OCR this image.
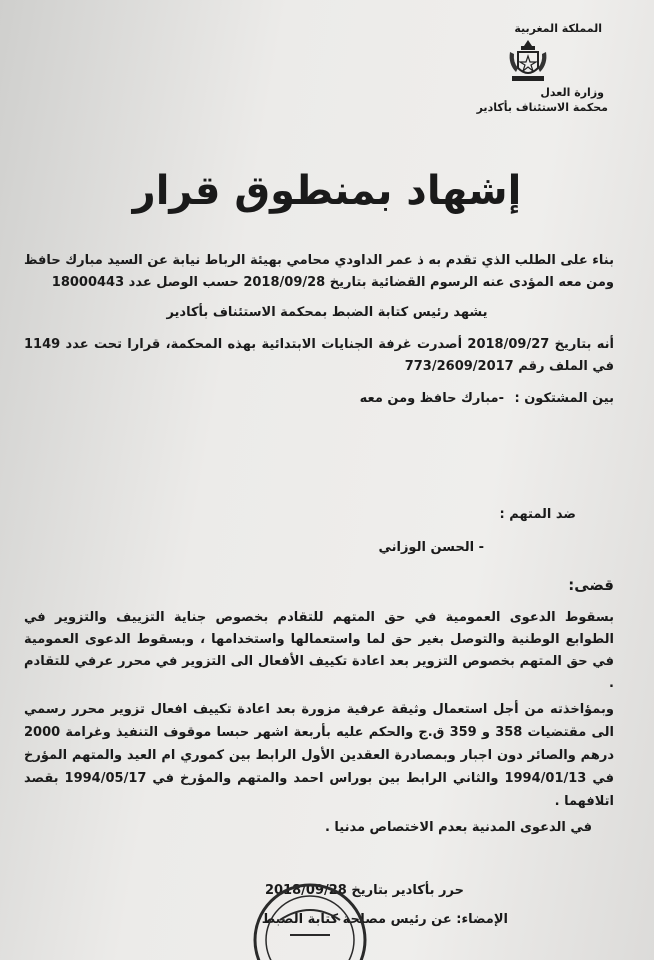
المملكة المغربية
وزارة العدل
محكمة الاستئناف بأكادير
إشهاد بمنطوق قرار
بناء على الطلب الذي تقدم به ذ عمر الداودي محامي بهيئة الرباط نيابة عن السيد مبارك حافظ ومن معه المؤدى عنه الرسوم القضائية بتاريخ 2018/09/28 حسب الوصل عدد 18000443
يشهد رئيس كتابة الضبط بمحكمة الاستئناف بأكادير
أنه بتاريخ 2018/09/27 أصدرت غرفة الجنايات الابتدائية بهذه المحكمة، قرارا تحت عدد 1149 في الملف رقم 773/2609/2017
بين المشتكون :
-مبارك حافظ ومن معه
ضد المتهم :
- الحسن الوزاني
قضى:
بسقوط الدعوى العمومية في حق المتهم للتقادم بخصوص جناية التزييف والتزوير في الطوابع الوطنية والتوصل بغير حق لما واستعمالها واستخدامها ، وبسقوط الدعوى العمومية في حق المتهم بخصوص التزوير بعد اعادة تكييف الأفعال الى التزوير في محرر عرفي للتقادم .
وبمؤاخذته من أجل استعمال وثيقة عرفية مزورة بعد اعادة تكييف افعال تزوير محرر رسمي الى مقتضيات 358 و 359 ق.ج والحكم عليه بأربعة اشهر حبسا موقوف التنفيذ وغرامة 2000 درهم والصائر دون اجبار وبمصادرة العقدين الأول الرابط بين كموري ام العيد والمتهم المؤرخ في 1994/01/13 والثاني الرابط بين بوراس احمد والمتهم والمؤرخ في 1994/05/17 بقصد اتلافهما .
في الدعوى المدنية بعدم الاختصاص مدنيا .
حرر بأكادير بتاريخ 2018/09/28
الإمضاء: عن رئيس مصلحة كتابة الضبط
